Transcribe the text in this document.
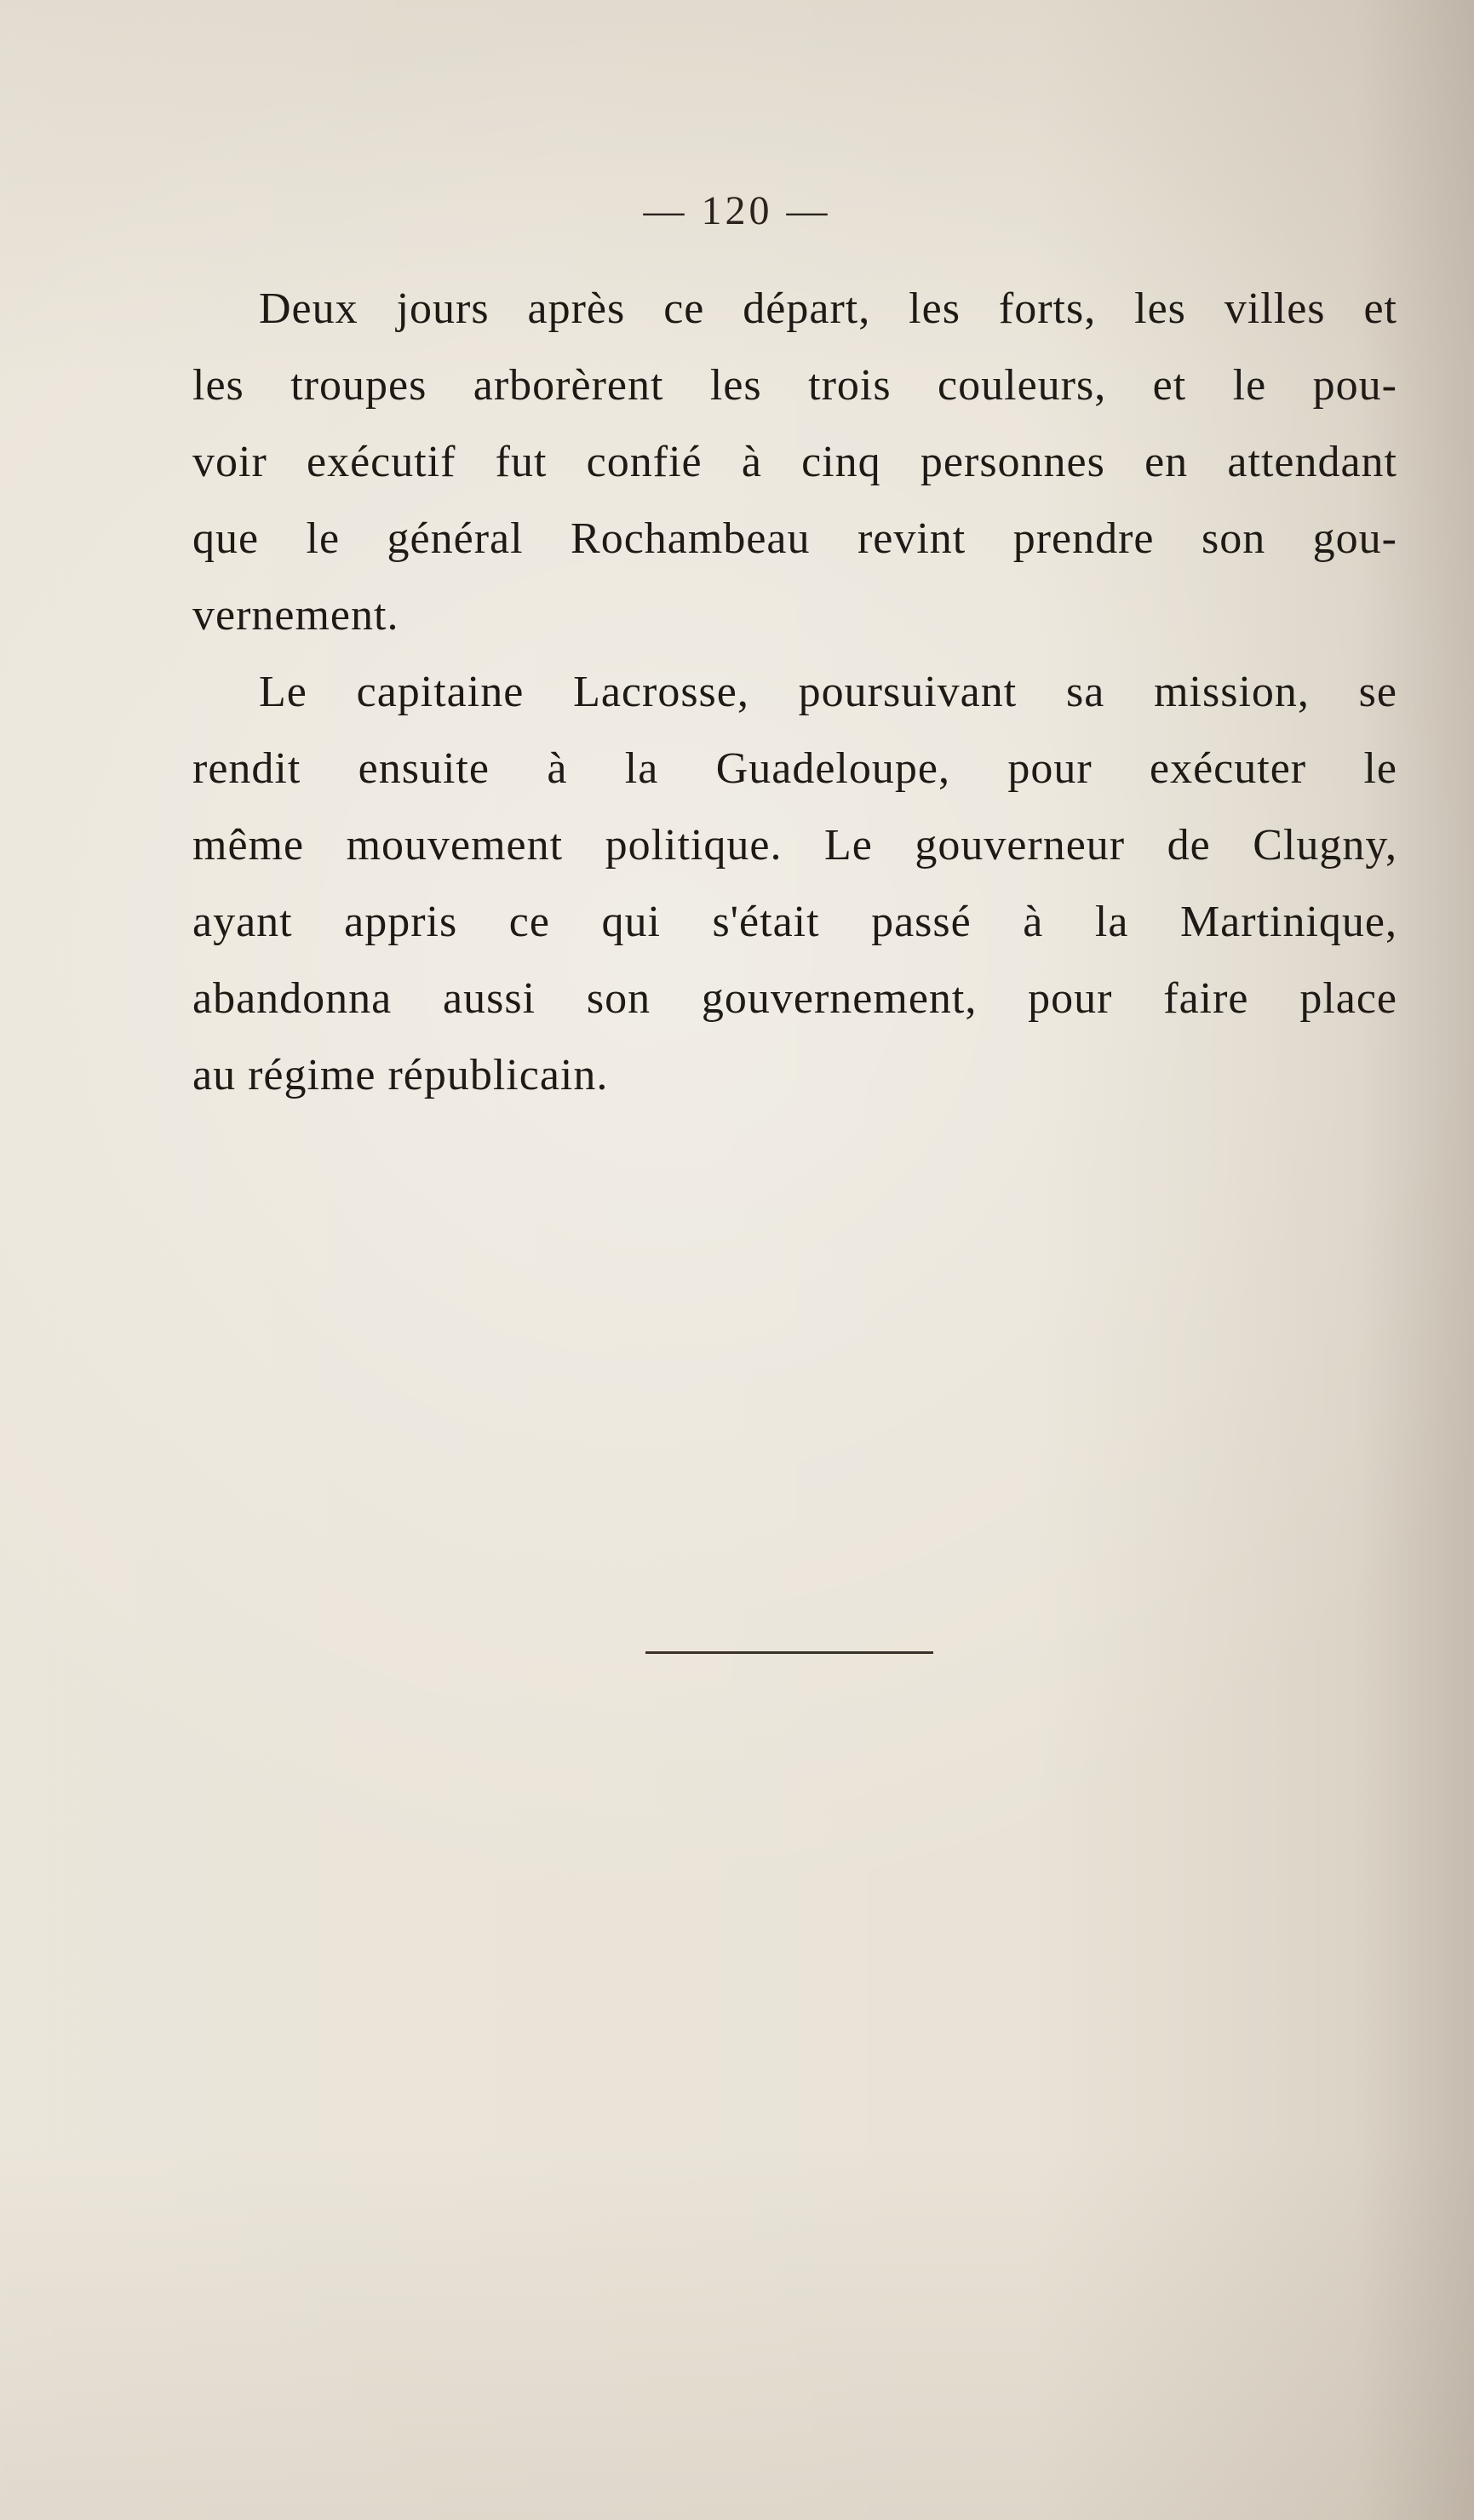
— 120 —
Deux jours après ce départ, les forts, les villes et
les troupes arborèrent les trois couleurs, et le pou-
voir exécutif fut confié à cinq personnes en attendant
que le général Rochambeau revint prendre son gou-
vernement.
Le capitaine Lacrosse, poursuivant sa mission, se
rendit ensuite à la Guadeloupe, pour exécuter le
même mouvement politique. Le gouverneur de Clugny,
ayant appris ce qui s'était passé à la Martinique,
abandonna aussi son gouvernement, pour faire place
au régime républicain.
